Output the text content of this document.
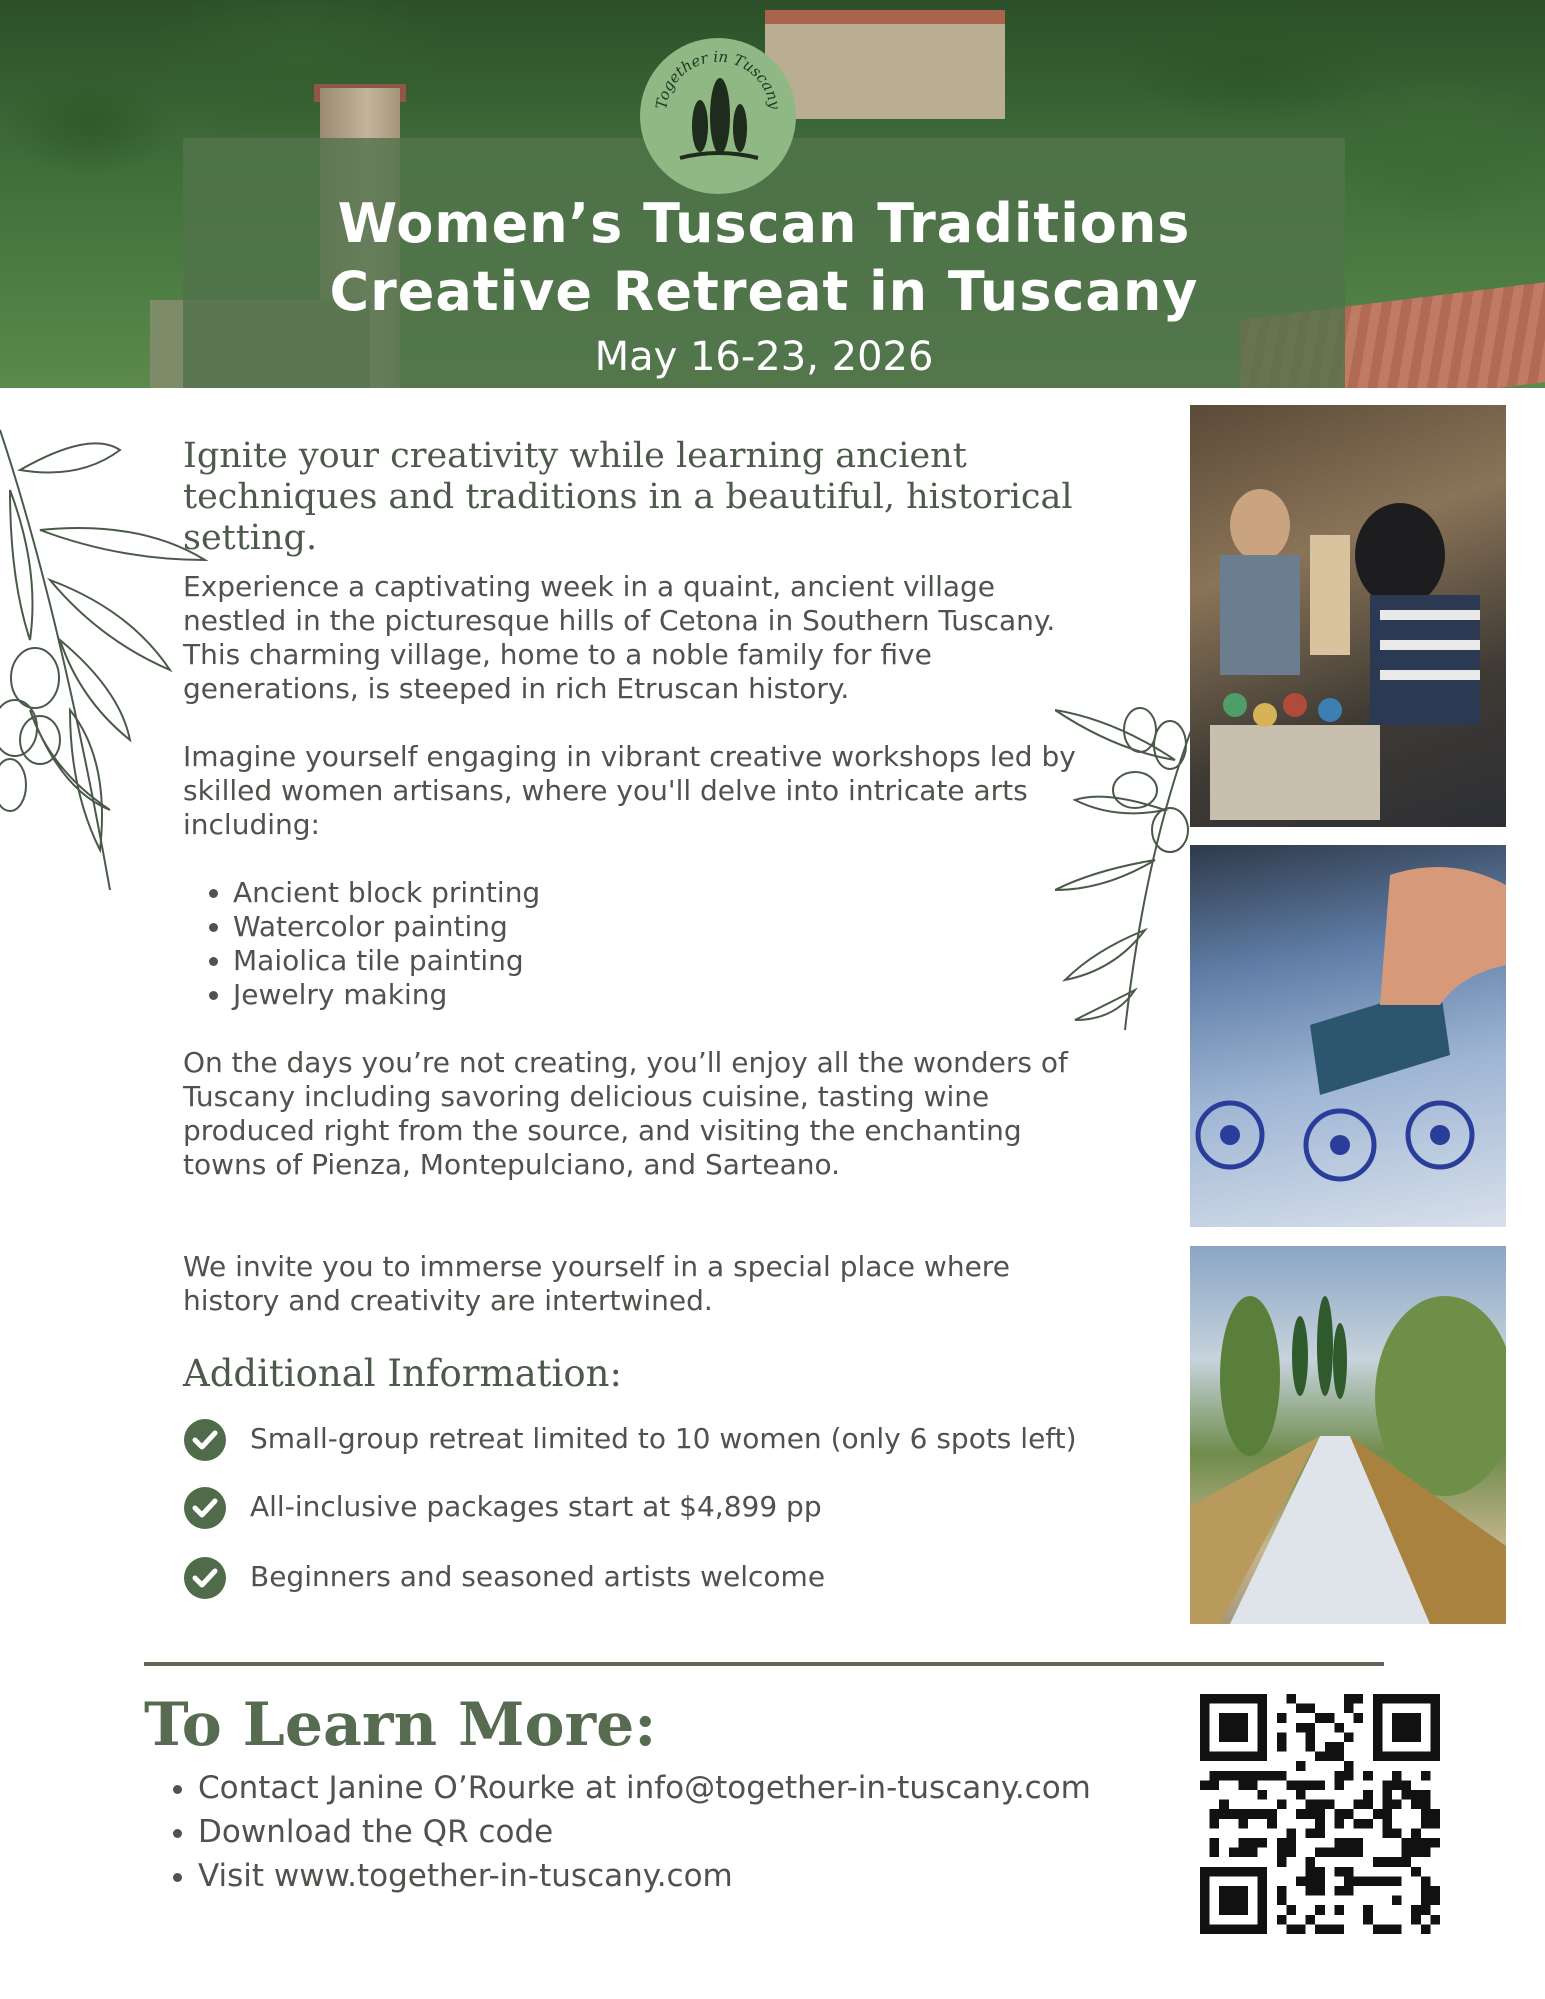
Together in Tuscany
Women’s Tuscan Traditions
Creative Retreat in Tuscany

May 16-23, 2026

Ignite your creativity while learning ancient techniques and traditions in a beautiful, historical setting.

Experience a captivating week in a quaint, ancient village nestled in the picturesque hills of Cetona in Southern Tuscany. This charming village, home to a noble family for five generations, is steeped in rich Etruscan history.

Imagine yourself engaging in vibrant creative workshops led by skilled women artisans, where you'll delve into intricate arts including:

• Ancient block printing
• Watercolor painting
• Maiolica tile painting
• Jewelry making

On the days you’re not creating, you’ll enjoy all the wonders of Tuscany including savoring delicious cuisine, tasting wine produced right from the source, and visiting the enchanting towns of Pienza, Montepulciano, and Sarteano.

We invite you to immerse yourself in a special place where history and creativity are intertwined.

Additional Information:
Small-group retreat limited to 10 women (only 6 spots left)
All-inclusive packages start at $4,899 pp
Beginners and seasoned artists welcome
To Learn More:
• Contact Janine O’Rourke at info@together-in-tuscany.com
• Download the QR code
• Visit www.together-in-tuscany.com
